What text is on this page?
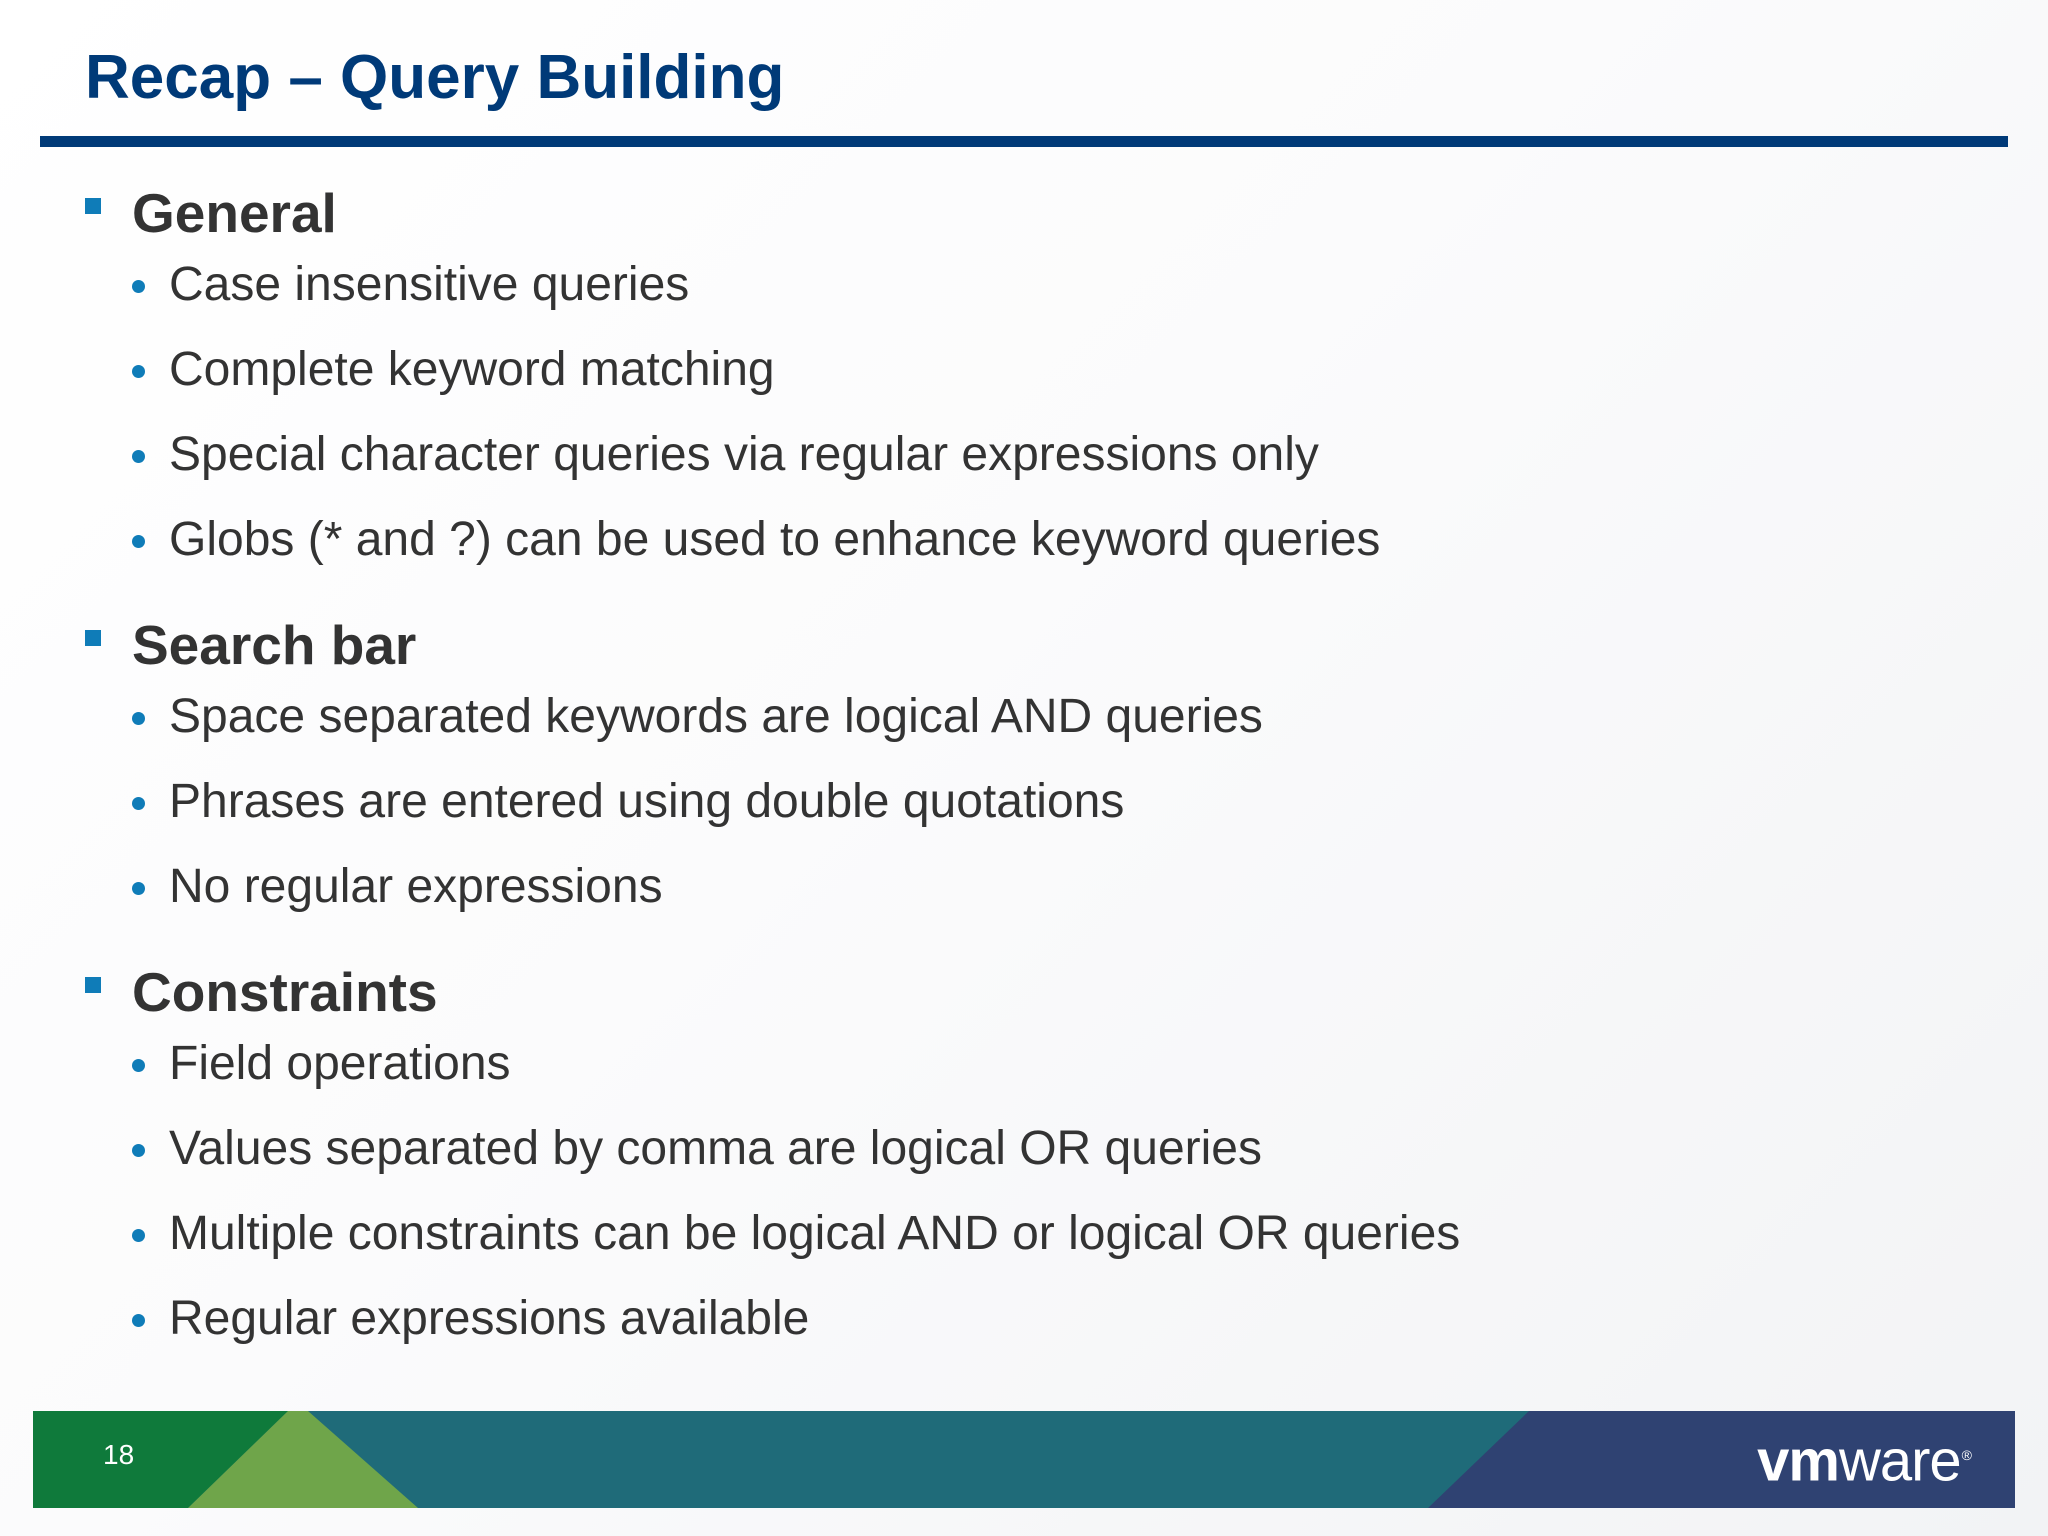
Recap – Query Building
General
Case insensitive queries
Complete keyword matching
Special character queries via regular expressions only
Globs (* and ?) can be used to enhance keyword queries
Search bar
Space separated keywords are logical AND queries
Phrases are entered using double quotations
No regular expressions
Constraints
Field operations
Values separated by comma are logical OR queries
Multiple constraints can be logical AND or logical OR queries
Regular expressions available
18	vmware®
